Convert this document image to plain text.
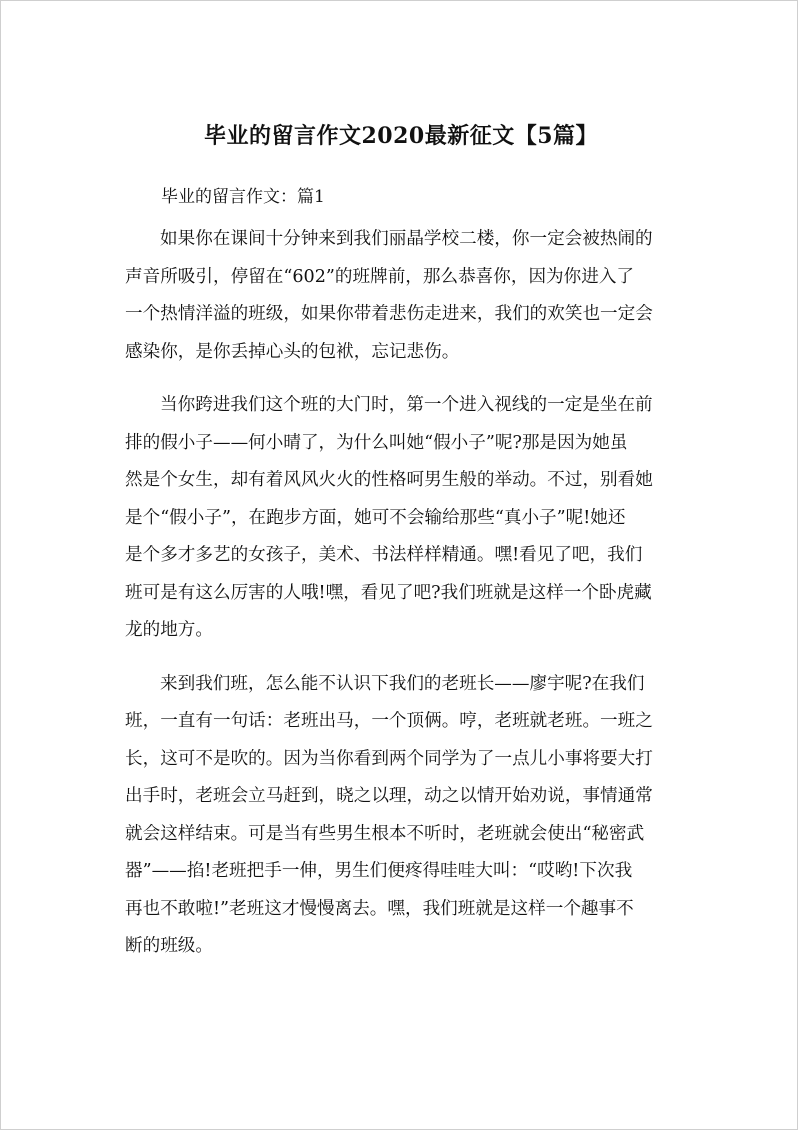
毕业的留言作文2020最新征文【5篇】
毕业的留言作文：篇1
如果你在课间十分钟来到我们丽晶学校二楼，你一定会被热闹的
声音所吸引，停留在“602”的班牌前，那么恭喜你，因为你进入了
一个热情洋溢的班级，如果你带着悲伤走进来，我们的欢笑也一定会
感染你，是你丢掉心头的包袱，忘记悲伤。
当你跨进我们这个班的大门时，第一个进入视线的一定是坐在前
排的假小子——何小晴了，为什么叫她“假小子”呢?那是因为她虽
然是个女生，却有着风风火火的性格呵男生般的举动。不过，别看她
是个“假小子”，在跑步方面，她可不会输给那些“真小子”呢!她还
是个多才多艺的女孩子，美术、书法样样精通。嘿!看见了吧，我们
班可是有这么厉害的人哦!嘿，看见了吧?我们班就是这样一个卧虎藏
龙的地方。
来到我们班，怎么能不认识下我们的老班长——廖宇呢?在我们
班，一直有一句话：老班出马，一个顶俩。哼，老班就老班。一班之
长，这可不是吹的。因为当你看到两个同学为了一点儿小事将要大打
出手时，老班会立马赶到，晓之以理，动之以情开始劝说，事情通常
就会这样结束。可是当有些男生根本不听时，老班就会使出“秘密武
器”——掐!老班把手一伸，男生们便疼得哇哇大叫：“哎哟!下次我
再也不敢啦!”老班这才慢慢离去。嘿，我们班就是这样一个趣事不
断的班级。
